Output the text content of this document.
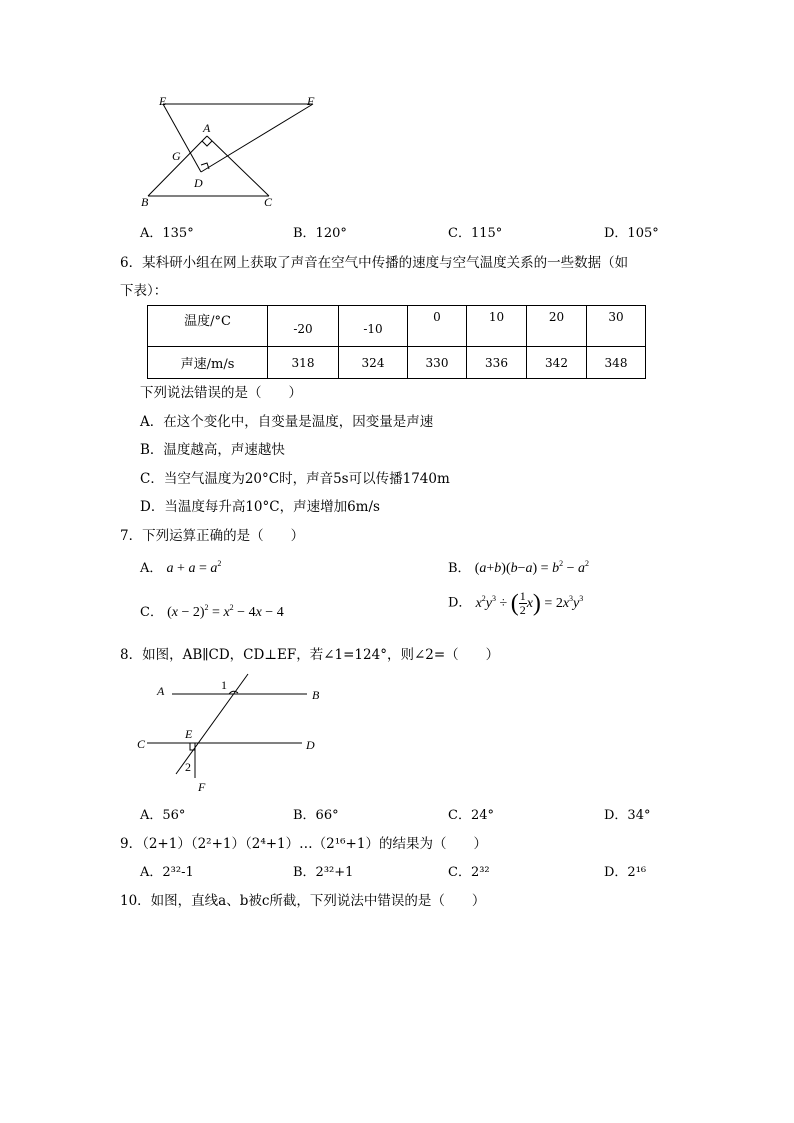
E	F
A
G
D
B	C
A．135°	B．120°	C．115°	D．105°
6．某科研小组在网上获取了声音在空气中传播的速度与空气温度关系的一些数据（如
下表）：
温度/°C	-20	-10	0	10	20	30
声速/m/s	318	324	330	336	342	348
下列说法错误的是（　　）
A．在这个变化中，自变量是温度，因变量是声速
B．温度越高，声速越快
C．当空气温度为20°C时，声音5s可以传播1740m
D．当温度每升高10°C，声速增加6m/s
7．下列运算正确的是（　　）
A． $a + a = a^2$	B． $(a+b)(b-a) = b^2 - a^2$
C． $(x - 2)^2 = x^2 - 4x - 4$
D． $x^2y^3$ ÷ ( $\frac{1}{2} x) = 2x^3y^3$
8．如图，AB∥CD，CD⊥EF，若∠1=124°，则∠2=（　　）
A	1
B
E
C	D
2
F
A．56°	B．66°	C．24°	D．34°
9．（2+1）（2²+1）（2⁴+1）…（2¹⁶+1）的结果为（　　）
A．2³²-1	B．2³²+1	C．2³²	D．2¹⁶
10．如图，直线a、b被c所截，下列说法中错误的是（　　）
